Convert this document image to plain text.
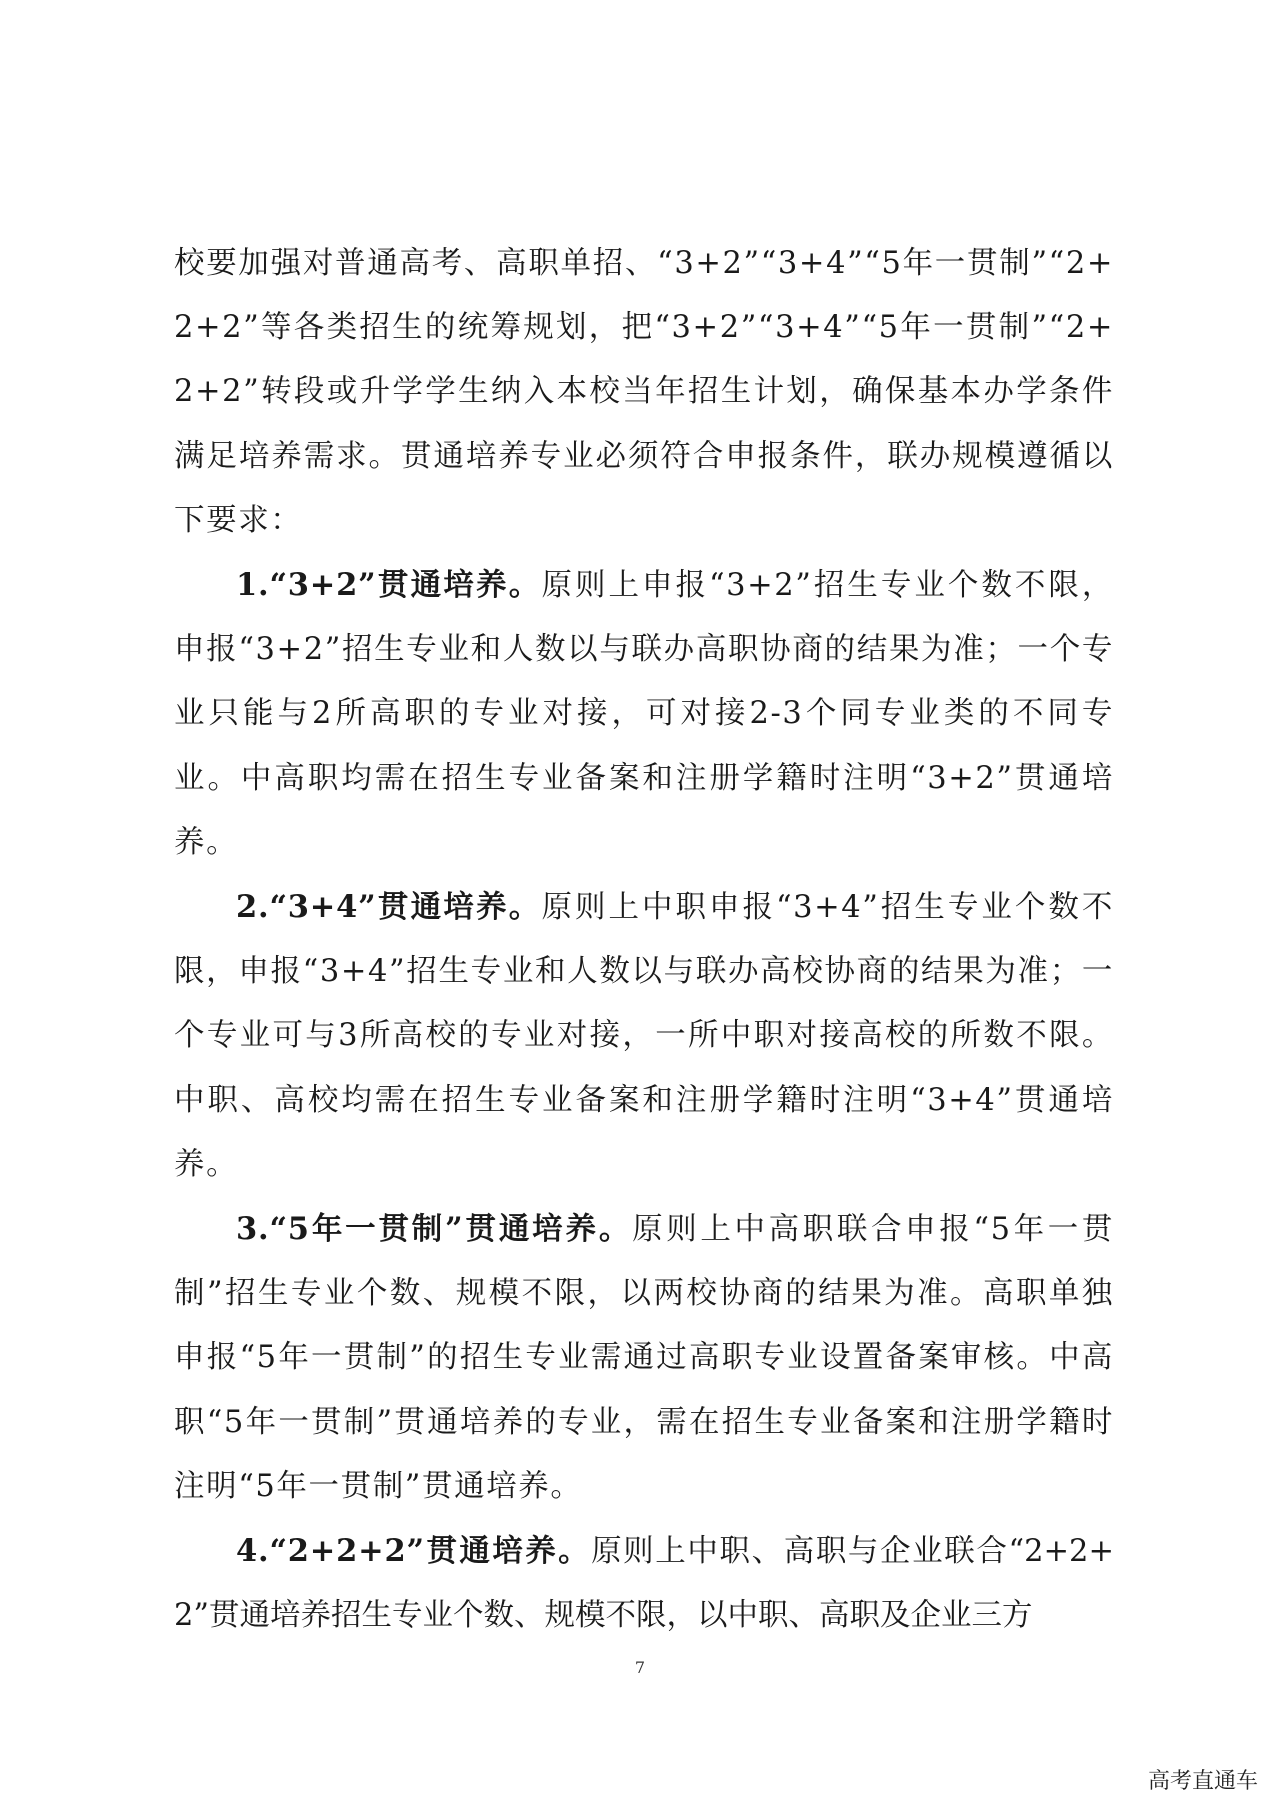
校要加强对普通高考、高职单招、“3+2”“3+4”“5年一贯制”“2+2+2”等各类招生的统筹规划，把“3+2”“3+4”“5年一贯制”“2+2+2”转段或升学学生纳入本校当年招生计划，确保基本办学条件满足培养需求。贯通培养专业必须符合申报条件，联办规模遵循以下要求：

1.“3+2”贯通培养。原则上申报“3+2”招生专业个数不限，申报“3+2”招生专业和人数以与联办高职协商的结果为准；一个专业只能与2所高职的专业对接，可对接2-3个同专业类的不同专业。中高职均需在招生专业备案和注册学籍时注明“3+2”贯通培养。

2.“3+4”贯通培养。原则上中职申报“3+4”招生专业个数不限，申报“3+4”招生专业和人数以与联办高校协商的结果为准；一个专业可与3所高校的专业对接，一所中职对接高校的所数不限。中职、高校均需在招生专业备案和注册学籍时注明“3+4”贯通培养。

3.“5年一贯制”贯通培养。原则上中高职联合申报“5年一贯制”招生专业个数、规模不限，以两校协商的结果为准。高职单独申报“5年一贯制”的招生专业需通过高职专业设置备案审核。中高职“5年一贯制”贯通培养的专业，需在招生专业备案和注册学籍时注明“5年一贯制”贯通培养。

4.“2+2+2”贯通培养。原则上中职、高职与企业联合“2+2+2”贯通培养招生专业个数、规模不限，以中职、高职及企业三方

7
高考直通车
